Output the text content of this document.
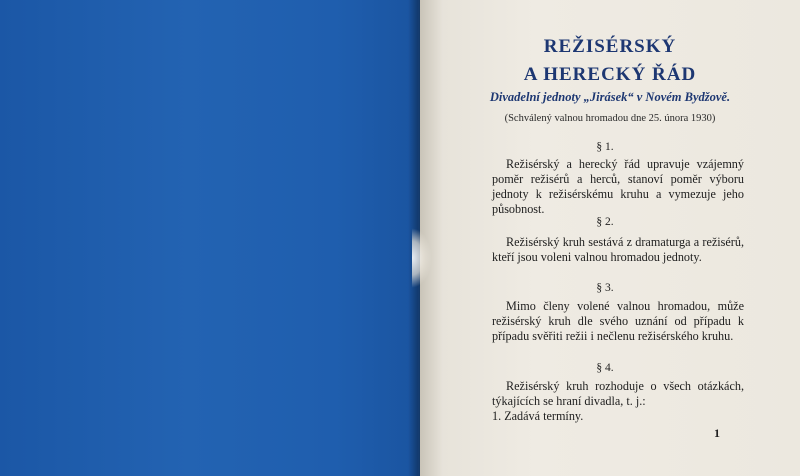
REŽISÉRSKÝ
A HERECKÝ ŘÁD
Divadelní jednoty „Jirásek“ v Novém Bydžově.
(Schválený valnou hromadou dne 25. února 1930)
§ 1.
Režisérský a herecký řád upravuje vzájemný poměr režisérů a herců, stanoví poměr výboru jednoty k režisérskému kruhu a vymezuje jeho působnost.
§ 2.
Režisérský kruh sestává z dramaturga a režisérů, kteří jsou voleni valnou hromadou jednoty.
§ 3.
Mimo členy volené valnou hromadou, může režisérský kruh dle svého uznání od případu k případu svěřiti režii i nečlenu režisérského kruhu.
§ 4.
Režisérský kruh rozhoduje o všech otázkách, týkajících se hraní divadla, t. j.:
1. Zadává termíny.
1
